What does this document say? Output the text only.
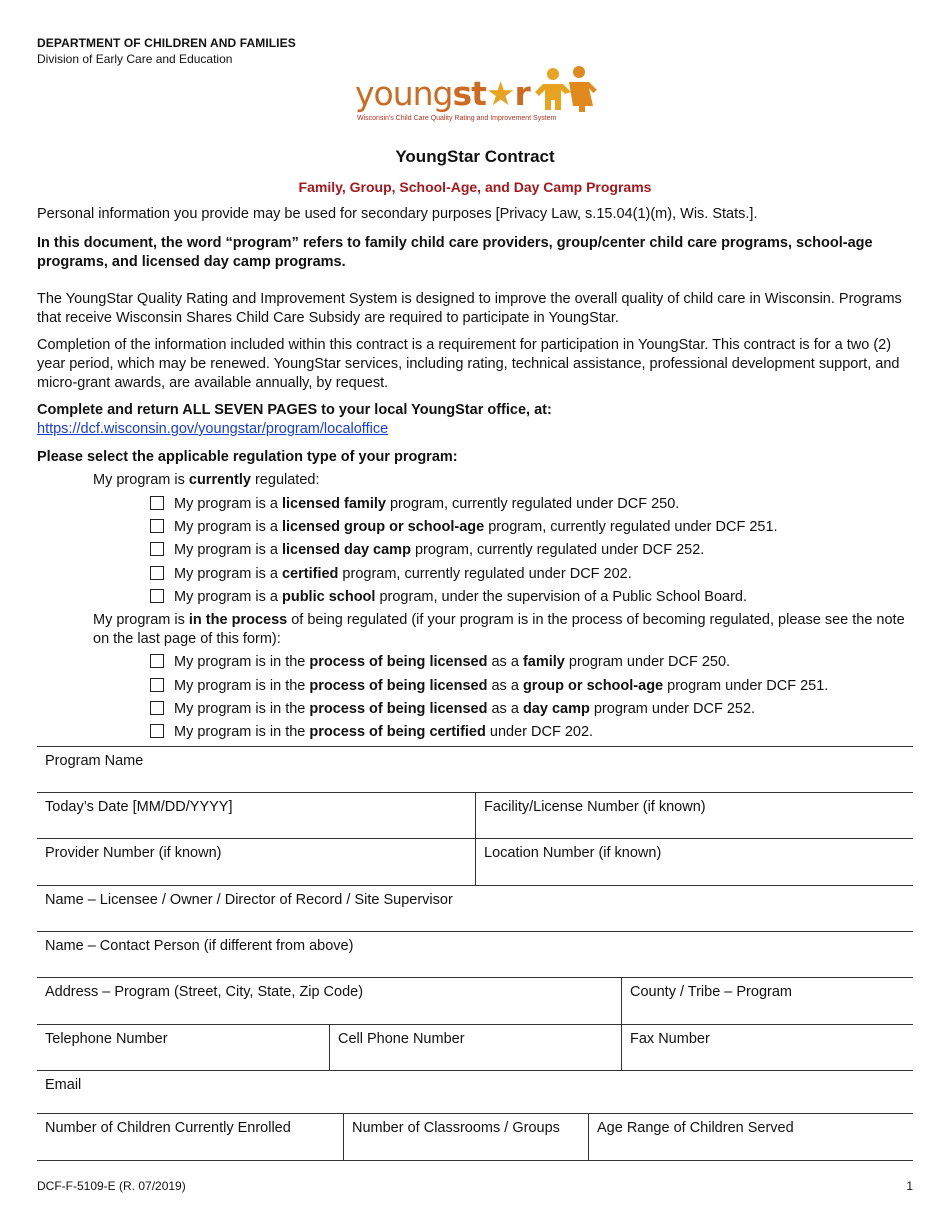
DEPARTMENT OF CHILDREN AND FAMILIES
Division of Early Care and Education
youngst★r
Wisconsin's Child Care Quality Rating and Improvement System
YoungStar Contract
Family, Group, School-Age, and Day Camp Programs
Personal information you provide may be used for secondary purposes [Privacy Law, s.15.04(1)(m), Wis. Stats.].
In this document, the word “program” refers to family child care providers, group/center child care programs, school-age programs, and licensed day camp programs.
The YoungStar Quality Rating and Improvement System is designed to improve the overall quality of child care in Wisconsin. Programs that receive Wisconsin Shares Child Care Subsidy are required to participate in YoungStar.
Completion of the information included within this contract is a requirement for participation in YoungStar. This contract is for a two (2) year period, which may be renewed. YoungStar services, including rating, technical assistance, professional development support, and micro-grant awards, are available annually, by request.
Complete and return ALL SEVEN PAGES to your local YoungStar office, at:
https://dcf.wisconsin.gov/youngstar/program/localoffice
Please select the applicable regulation type of your program:
My program is currently regulated:
My program is a licensed family program, currently regulated under DCF 250.
My program is a licensed group or school-age program, currently regulated under DCF 251.
My program is a licensed day camp program, currently regulated under DCF 252.
My program is a certified program, currently regulated under DCF 202.
My program is a public school program, under the supervision of a Public School Board.
My program is in the process of being regulated (if your program is in the process of becoming regulated, please see the note on the last page of this form):
My program is in the process of being licensed as a family program under DCF 250.
My program is in the process of being licensed as a group or school-age program under DCF 251.
My program is in the process of being licensed as a day camp program under DCF 252.
My program is in the process of being certified under DCF 202.
Program Name
Today’s Date [MM/DD/YYYY]	Facility/License Number (if known)
Provider Number (if known)	Location Number (if known)
Name – Licensee / Owner / Director of Record / Site Supervisor
Name – Contact Person (if different from above)
Address – Program (Street, City, State, Zip Code)	County / Tribe – Program
Telephone Number	Cell Phone Number	Fax Number
Email
Number of Children Currently Enrolled	Number of Classrooms / Groups	Age Range of Children Served
DCF-F-5109-E (R. 07/2019)	1
